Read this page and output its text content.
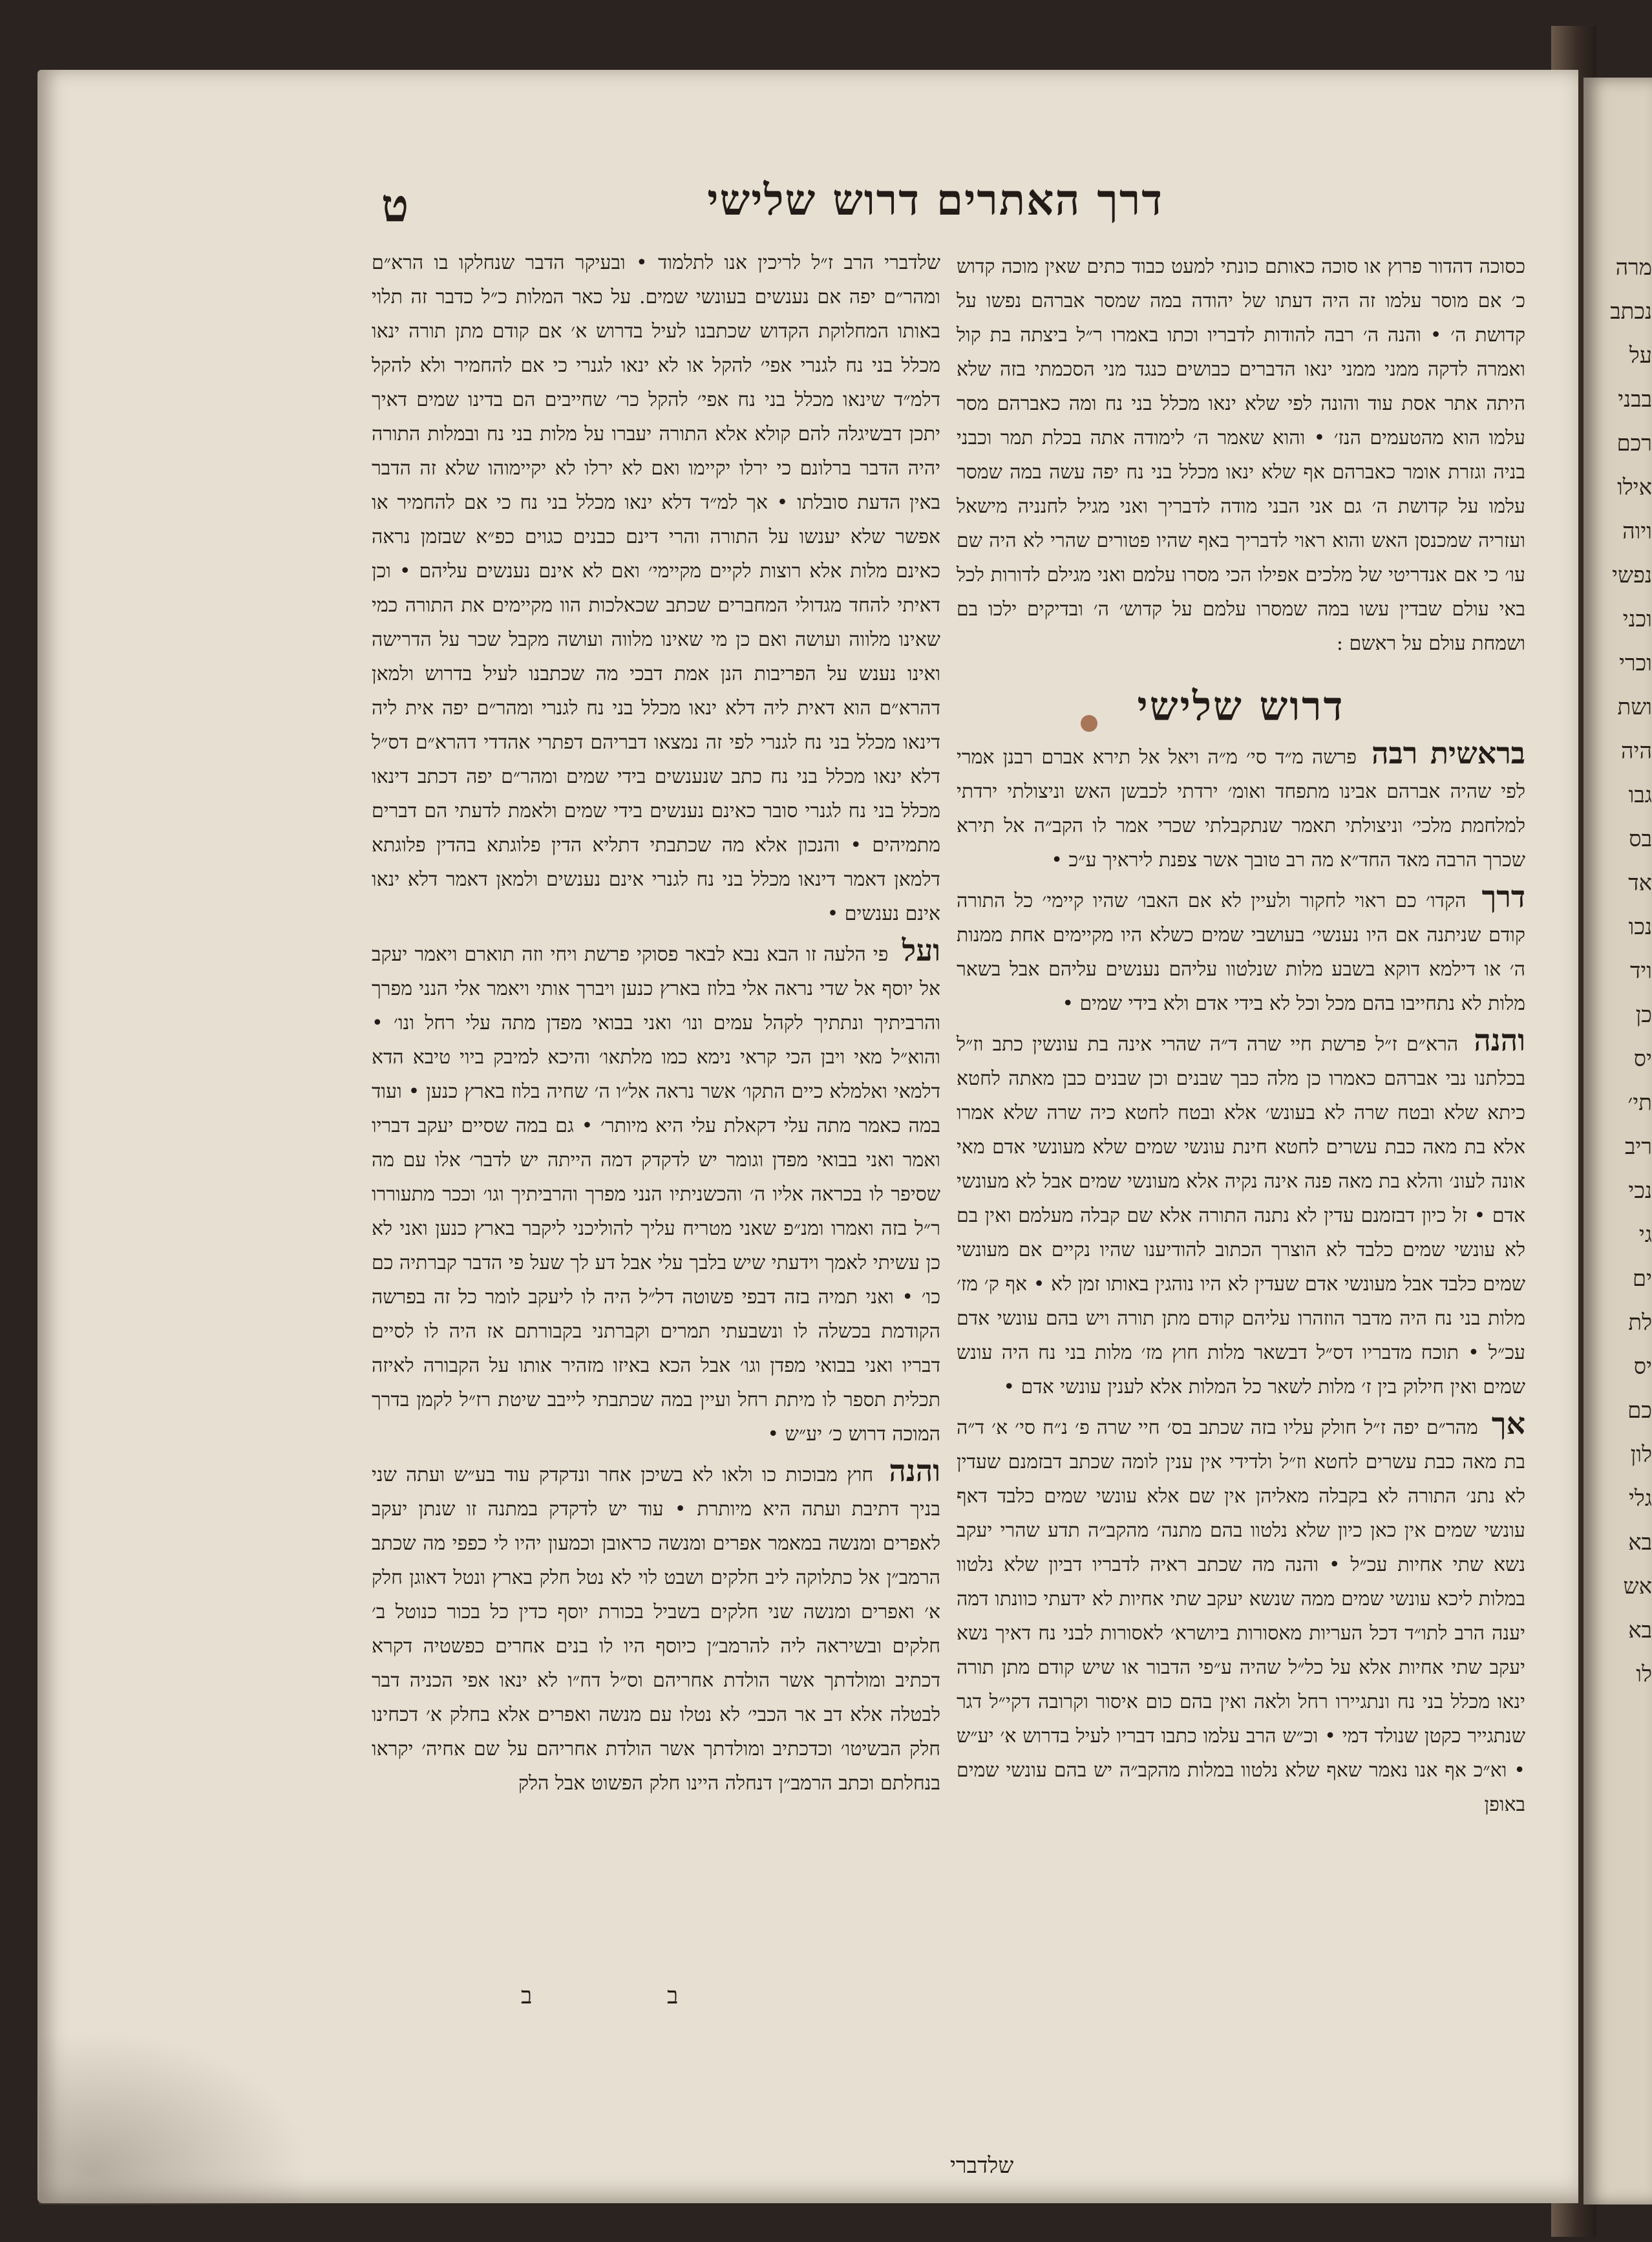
מרה
נכתב
על
בבני
רכם
אילו
ויוה
נפשי
וכני
וכרי
ושת
היה
גבו
בס
אד
נכו
ויד
כן
יס
תי׳
ריב
נכי
גי
ים
לת
יס
כם
לון
גלי
בא
אש
בא
לו
דרך האתרים דרוש שלישי
ט

כסוכה דהדור פרוץ או סוכה כאותם כונתי למעט כבוד כתים שאין מוכה קדוש כ׳ אם מוסר עלמו זה היה דעתו של יהודה במה שמסר אברהם נפשו על קדושת ה׳ • והנה ה׳ רבה להודות לדבריו וכתו באמרו ר״ל ביצתה בת קול ואמרה לדקה ממני ממני ינאו הדברים כבושים כנגד מני הסכמתי בזה שלא היתה אתר אסת עוד והונה לפי שלא ינאו מכלל בני נח ומה כאברהם מסר עלמו הוא מהטעמים הנז׳ • והוא שאמר ה׳ לימודה אתה בכלת תמר וכבני בניה וגזרת אומר כאברהם אף שלא ינאו מכלל בני נח יפה עשה במה שמסר עלמו על קדושת ה׳ גם אני הבני מודה לדבריך ואני מגיל לחנניה מישאל ועזריה שמכנסן האש והוא ראוי לדבריך באף שהיו פטורים שהרי לא היה שם עו׳ כי אם אנדריטי של מלכים אפילו הכי מסרו עלמם ואני מגילם לדורות לכל באי עולם שבדין עשו במה שמסרו עלמם על קדוש׳ ה׳ ובדיקים ילכו בם ושמחת עולם על ראשם :

דרוש שלישי

בראשית רבה פרשה מ״ד סי׳ מ״ה ויאל אל תירא אברם רבנן אמרי לפי שהיה אברהם אבינו מתפחד ואומ׳ ירדתי לכבשן האש וניצולתי ירדתי למלחמת מלכי׳ וניצולתי תאמר שנתקבלתי שכרי אמר לו הקב״ה אל תירא שכרך הרבה מאד החד״א מה רב טובך אשר צפנת ליראיך ע״כ •

דרך הקדו׳ כם ראוי לחקור ולעיין לא אם האבו׳ שהיו קיימי׳ כל התורה קודם שניתנה אם היו נענשי׳ בעושבי שמים כשלא היו מקיימים אחת ממנות ה׳ או דילמא דוקא בשבע מלות שנלטוו עליהם נענשים עליהם אבל בשאר מלות לא נתחייבו בהם מכל וכל לא בידי אדם ולא בידי שמים •

והנה הרא״ם ז״ל פרשת חיי שרה ד״ה שהרי אינה בת עונשין כתב וז״ל בכלתנו נבי אברהם כאמרו כן מלה כבך שבנים וכן שבנים כבן מאתה לחטא כיתא שלא ובטח שרה לא בעונש׳ אלא ובטח לחטא כיה שרה שלא אמרו אלא בת מאה כבת עשרים לחטא חינת עונשי שמים שלא מעונשי אדם מאי אונה לעונ׳ והלא בת מאה פנה אינה נקיה אלא מעונשי שמים אבל לא מעונשי אדם • זל כיון דבזמנם עדין לא נתנה התורה אלא שם קבלה מעלמם ואין בם לא עונשי שמים כלבד לא הוצרך הכתוב להודיענו שהיו נקיים אם מעונשי שמים כלבד אבל מעונשי אדם שעדין לא היו נוהגין באותו זמן לא • אף ק׳ מז׳ מלות בני נח היה מדבר הוזהרו עליהם קודם מתן תורה ויש בהם עונשי אדם עכ״ל • תוכח מדבריו דס״ל דבשאר מלות חוץ מז׳ מלות בני נח היה עונש שמים ואין חילוק בין ז׳ מלות לשאר כל המלות אלא לענין עונשי אדם •

אך מהר״ם יפה ז״ל חולק עליו בזה שכתב בס׳ חיי שרה פ׳ נ״ח סי׳ א׳ ד״ה בת מאה כבת עשרים לחטא וז״ל ולדידי אין ענין לומה שכתב דבזמנם שעדין לא נתנ׳ התורה לא בקבלה מאליהן אין שם אלא עונשי שמים כלבד דאף עונשי שמים אין כאן כיון שלא נלטוו בהם מתנה׳ מהקב״ה תדע שהרי יעקב נשא שתי אחיות עכ״ל • והנה מה שכתב ראיה לדבריו דביון שלא נלטוו במלות ליכא עונשי שמים ממה שנשא יעקב שתי אחיות לא ידעתי כוונתו דמה יענה הרב לתו״ד דכל העריות מאסורות ביושרא׳ לאסורות לבני נח דאיך נשא יעקב שתי אחיות אלא על כל״ל שהיה ע״פי הדבור או שיש קודם מתן תורה ינאו מכלל בני נח ונתגיירו רחל ולאה ואין בהם כום איסור וקרובה דקי״ל דגר שנתגייר כקטן שנולד דמי • וכ״ש הרב עלמו כתבו דבריו לעיל בדרוש א׳ יע״ש • וא״כ אף אנו נאמר שאף שלא נלטוו במלות מהקב״ה יש בהם עונשי שמים באופן

שלדברי הרב ז״ל לריכין אנו לתלמוד • ובעיקר הדבר שנחלקו בו הרא״ם ומהר״ם יפה אם נענשים בעונשי שמים. על כאר המלות כ״ל כדבר זה תלוי באותו המחלוקת הקדוש שכתבנו לעיל בדרוש א׳ אם קודם מתן תורה ינאו מכלל בני נח לגנרי אפי׳ להקל או לא ינאו לגנרי כי אם להחמיר ולא להקל דלמ״ד שינאו מכלל בני נח אפי׳ להקל כר׳ שחייבים הם בדינו שמים דאיך יתכן דבשיגלה להם קולא אלא התורה יעברו על מלות בני נח ובמלות התורה יהיה הדבר ברלונם כי ירלו יקיימו ואם לא ירלו לא יקיימוהו שלא זה הדבר באין הדעת סובלתו • אך למ״ד דלא ינאו מכלל בני נח כי אם להחמיר או אפשר שלא יענשו על התורה והרי דינם כבנים כגוים כפ״א שבזמן נראה כאינם מלות אלא רוצות לקיים מקיימי׳ ואם לא אינם נענשים עליהם • וכן דאיתי להחד מגדולי המחברים שכתב שכאלכות הוו מקיימים את התורה כמי שאינו מלווה ועושה ואם כן מי שאינו מלווה ועושה מקבל שכר על הדרישה ואינו נענש על הפריבות הנן אמת דבכי מה שכתבנו לעיל בדרוש ולמאן דהרא״ם הוא דאית ליה דלא ינאו מכלל בני נח לגנרי ומהר״ם יפה אית ליה דינאו מכלל בני נח לגנרי לפי זה נמצאו דבריהם דפתרי אהדדי דהרא״ם דס״ל דלא ינאו מכלל בני נח כתב שנענשים בידי שמים ומהר״ם יפה דכתב דינאו מכלל בני נח לגנרי סובר כאינם נענשים בידי שמים ולאמת לדעתי הם דברים מתמיהים • והנכון אלא מה שכתבתי דתליא הדין פלוגתא בהדין פלוגתא דלמאן דאמר דינאו מכלל בני נח לגנרי אינם נענשים ולמאן דאמר דלא ינאו אינם נענשים •

ועל פי הלעה זו הבא נבא לבאר פסוקי פרשת ויחי וזה תוארם ויאמר יעקב אל יוסף אל שדי נראה אלי בלוז בארץ כנען ויברך אותי ויאמר אלי הנני מפרך והרביתיך ונתתיך לקהל עמים ונו׳ ואני בבואי מפדן מתה עלי רחל ונו׳ • והוא״ל מאי ויבן הכי קראי נימא כמו מלתאו׳ והיכא למיבק ביוי טיבא הדא דלמאי ואלמלא כיים התקו׳ אשר נראה אל״ו ה׳ שחיה בלוז בארץ כנען • ועוד במה כאמר מתה עלי דקאלת עלי היא מיותר׳ • גם במה שסיים יעקב דבריו ואמר ואני בבואי מפדן וגומר יש לדקדק דמה הייתה יש לדבר׳ אלו עם מה שסיפר לו בכראה אליו ה׳ והכשניתיו הנני מפרך והרביתיך וגו׳ וככר מתעוררו ר״ל בזה ואמרו ומנ״פ שאני מטריח עליך להוליכני ליקבר בארץ כנען ואני לא כן עשיתי לאמך וידעתי שיש בלבך עלי אבל דע לך שעל פי הדבר קברתיה כם כו׳ • ואני תמיה בזה דבפי פשוטה דל״ל היה לו ליעקב לומר כל זה בפרשה הקודמת בכשלה לו ונשבעתי תמרים וקברתני בקבורתם אז היה לו לסיים דבריו ואני בבואי מפדן וגו׳ אבל הכא באיזו מזהיר אותו על הקבורה לאיזה תכלית תספר לו מיתת רחל ועיין במה שכתבתי לייבב שיטת רז״ל לקמן בדרך המוכה דרוש כ׳ יע״ש •

והנה חוץ מבוכות כו ולאו לא בשיכן אחר ונדקדק עוד בע״ש ועתה שני בניך דתיבת ועתה היא מיותרת • עוד יש לדקדק במתנה זו שנתן יעקב לאפרים ומנשה במאמר אפרים ומנשה כראובן וכמעון יהיו לי כפפי מה שכתב הרמב״ן אל כתלוקה ליב חלקים ושבט לוי לא נטל חלק בארץ ונטל דאוגן חלק א׳ ואפרים ומנשה שני חלקים בשביל בכורת יוסף כדין כל בכור כנוטל ב׳ חלקים ובשיראה ליה להרמב״ן כיוסף היו לו בנים אחרים כפשטיה דקרא דכתיב ומולדתך אשר הולדת אחריהם וס״ל דח״ו לא ינאו אפי הכניה דבר לבטלה אלא דב אר הכבי׳ לא נטלו עם מנשה ואפרים אלא בחלק א׳ דכחינו חלק הבשיטו׳ וכדכתיב ומולדתך אשר הולדת אחריהם על שם אחיה׳ יקראו בנחלתם וכתב הרמב״ן דנחלה היינו חלק הפשוט אבל הלק

ב	ב
שלדברי
